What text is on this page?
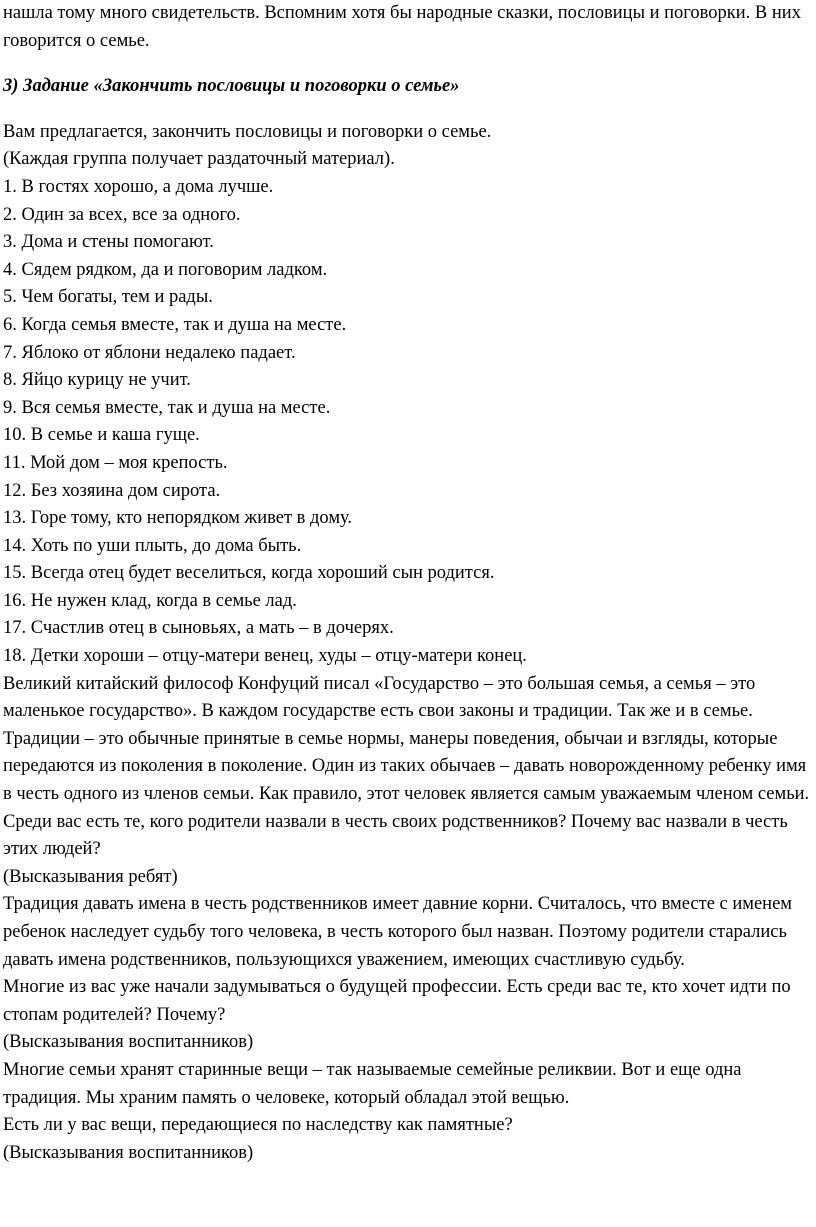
нашла тому много свидетельств. Вспомним хотя бы народные сказки, пословицы и поговорки. В них говорится о семье.

3) Задание «Закончить пословицы и поговорки о семье»

Вам предлагается, закончить пословицы и поговорки о семье.
(Каждая группа получает раздаточный материал).
1. В гостях хорошо, а дома лучше.
2. Один за всех, все за одного.
3. Дома и стены помогают.
4. Сядем рядком, да и поговорим ладком.
5. Чем богаты, тем и рады.
6. Когда семья вместе, так и душа на месте.
7. Яблоко от яблони недалеко падает.
8. Яйцо курицу не учит.
9. Вся семья вместе, так и душа на месте.
10. В семье и каша гуще.
11. Мой дом – моя крепость.
12. Без хозяина дом сирота.
13. Горе тому, кто непорядком живет в дому.
14. Хоть по уши плыть, до дома быть.
15. Всегда отец будет веселиться, когда хороший сын родится.
16. Не нужен клад, когда в семье лад.
17. Счастлив отец в сыновьях, а мать – в дочерях.
18. Детки хороши – отцу-матери венец, худы – отцу-матери конец.

Великий китайский философ Конфуций писал «Государство – это большая семья, а семья – это маленькое государство». В каждом государстве есть свои законы и традиции. Так же и в семье. Традиции – это обычные принятые в семье нормы, манеры поведения, обычаи и взгляды, которые передаются из поколения в поколение. Один из таких обычаев – давать новорожденному ребенку имя в честь одного из членов семьи. Как правило, этот человек является самым уважаемым членом семьи.

Среди вас есть те, кого родители назвали в честь своих родственников? Почему вас назвали в честь этих людей?

(Высказывания ребят)

Традиция давать имена в честь родственников имеет давние корни. Считалось, что вместе с именем ребенок наследует судьбу того человека, в честь которого был назван. Поэтому родители старались давать имена родственников, пользующихся уважением, имеющих счастливую судьбу.

Многие из вас уже начали задумываться о будущей профессии. Есть среди вас те, кто хочет идти по стопам родителей? Почему?

(Высказывания воспитанников)

Многие семьи хранят старинные вещи – так называемые семейные реликвии. Вот и еще одна традиция. Мы храним память о человеке, который обладал этой вещью.

Есть ли у вас вещи, передающиеся по наследству как памятные?

(Высказывания воспитанников)
